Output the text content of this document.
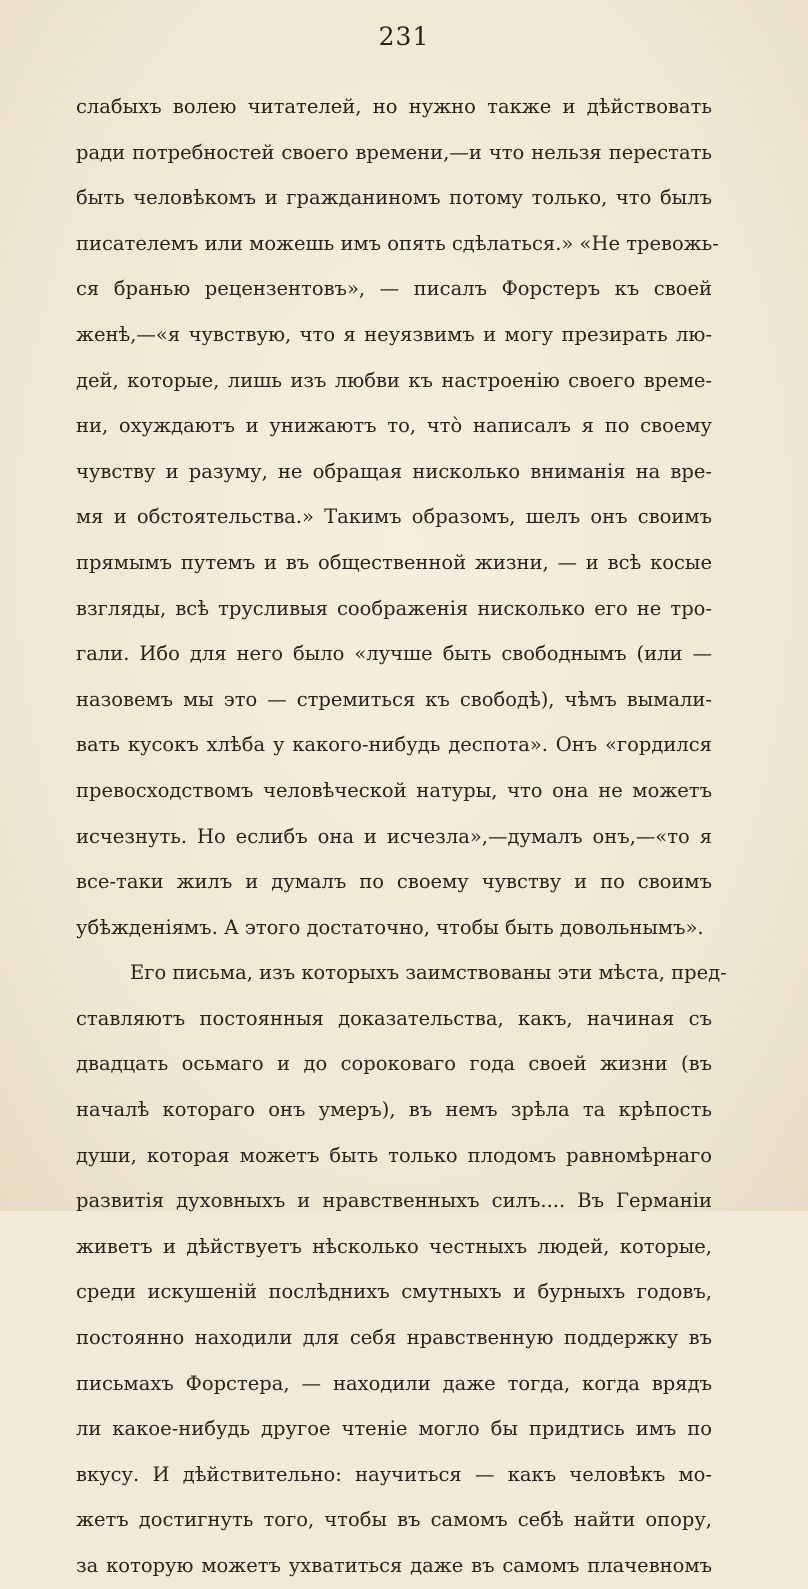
231
слабыхъ волею читателей, но нужно также и дѣйствовать
ради потребностей своего времени,—и что нельзя перестать
быть человѣкомъ и гражданиномъ потому только, что былъ
писателемъ или можешь имъ опять сдѣлаться.» «Не тревожь-
ся бранью рецензентовъ», — писалъ Форстеръ къ своей
женѣ,—«я чувствую, что я неуязвимъ и могу презирать лю-
дей, которые, лишь изъ любви къ настроенію своего време-
ни, охуждаютъ и унижаютъ то, что̀ написалъ я по своему
чувству и разуму, не обращая нисколько вниманія на вре-
мя и обстоятельства.» Такимъ образомъ, шелъ онъ своимъ
прямымъ путемъ и въ общественной жизни, — и всѣ косые
взгляды, всѣ трусливыя соображенія нисколько его не тро-
гали. Ибо для него было «лучше быть свободнымъ (или —
назовемъ мы это — стремиться къ свободѣ), чѣмъ вымали-
вать кусокъ хлѣба у какого-нибудь деспота». Онъ «гордился
превосходствомъ человѣческой натуры, что она не можетъ
исчезнуть. Но еслибъ она и исчезла»,—думалъ онъ,—«то я
все-таки жилъ и думалъ по своему чувству и по своимъ
убѣжденіямъ. А этого достаточно, чтобы быть довольнымъ».
Его письма, изъ которыхъ заимствованы эти мѣста, пред-
ставляютъ постоянныя доказательства, какъ, начиная съ
двадцать осьмаго и до сороковаго года своей жизни (въ
началѣ котораго онъ умеръ), въ немъ зрѣла та крѣпость
души, которая можетъ быть только плодомъ равномѣрнаго
развитія духовныхъ и нравственныхъ силъ.... Въ Германіи
живетъ и дѣйствуетъ нѣсколько честныхъ людей, которые,
среди искушеній послѣднихъ смутныхъ и бурныхъ годовъ,
постоянно находили для себя нравственную поддержку въ
письмахъ Форстера, — находили даже тогда, когда врядъ
ли какое-нибудь другое чтеніе могло бы придтись имъ по
вкусу. И дѣйствительно: научиться — какъ человѣкъ мо-
жетъ достигнуть того, чтобы въ самомъ себѣ найти опору,
за которую можетъ ухватиться даже въ самомъ плачевномъ
